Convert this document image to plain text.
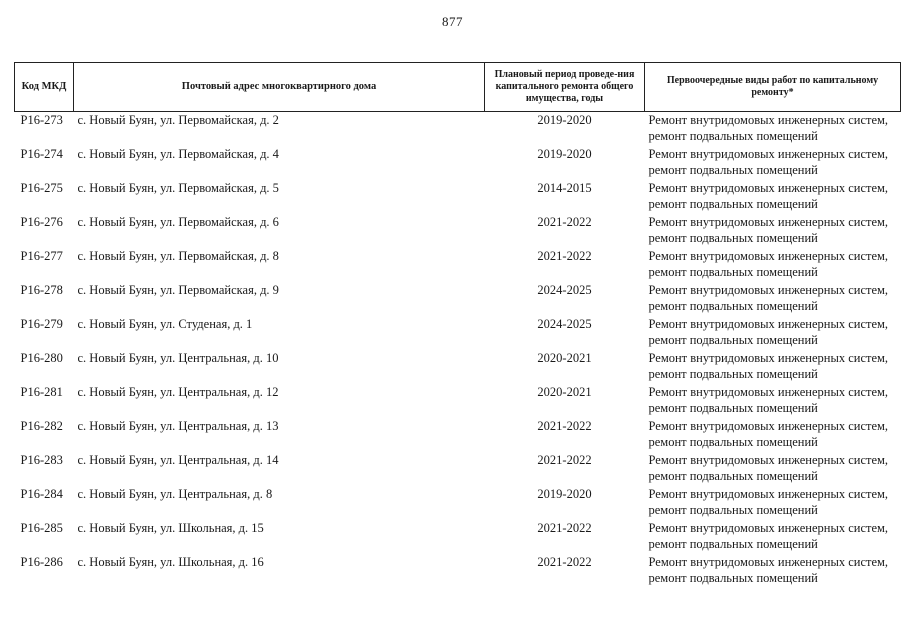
877
Код МКД	Почтовый адрес многоквартирного дома	Плановый период проведе-ния капитального ремонта общего имущества, годы	Первоочередные виды работ по капитальному ремонту*
Р16-273	с. Новый Буян, ул. Первомайская, д. 2	2019-2020	Ремонт внутридомовых инженерных систем,
ремонт подвальных помещений

Р16-274	с. Новый Буян, ул. Первомайская, д. 4	2019-2020	Ремонт внутридомовых инженерных систем,
ремонт подвальных помещений

Р16-275	с. Новый Буян, ул. Первомайская, д. 5	2014-2015	Ремонт внутридомовых инженерных систем,
ремонт подвальных помещений

Р16-276	с. Новый Буян, ул. Первомайская, д. 6	2021-2022	Ремонт внутридомовых инженерных систем,
ремонт подвальных помещений

Р16-277	с. Новый Буян, ул. Первомайская, д. 8	2021-2022	Ремонт внутридомовых инженерных систем,
ремонт подвальных помещений

Р16-278	с. Новый Буян, ул. Первомайская, д. 9	2024-2025	Ремонт внутридомовых инженерных систем,
ремонт подвальных помещений

Р16-279	с. Новый Буян, ул. Студеная, д. 1	2024-2025	Ремонт внутридомовых инженерных систем,
ремонт подвальных помещений

Р16-280	с. Новый Буян, ул. Центральная, д. 10	2020-2021	Ремонт внутридомовых инженерных систем,
ремонт подвальных помещений

Р16-281	с. Новый Буян, ул. Центральная, д. 12	2020-2021	Ремонт внутридомовых инженерных систем,
ремонт подвальных помещений

Р16-282	с. Новый Буян, ул. Центральная, д. 13	2021-2022	Ремонт внутридомовых инженерных систем,
ремонт подвальных помещений

Р16-283	с. Новый Буян, ул. Центральная, д. 14	2021-2022	Ремонт внутридомовых инженерных систем,
ремонт подвальных помещений

Р16-284	с. Новый Буян, ул. Центральная, д. 8	2019-2020	Ремонт внутридомовых инженерных систем,
ремонт подвальных помещений

Р16-285	с. Новый Буян, ул. Школьная, д. 15	2021-2022	Ремонт внутридомовых инженерных систем,
ремонт подвальных помещений

Р16-286	с. Новый Буян, ул. Школьная, д. 16	2021-2022	Ремонт внутридомовых инженерных систем,
ремонт подвальных помещений
